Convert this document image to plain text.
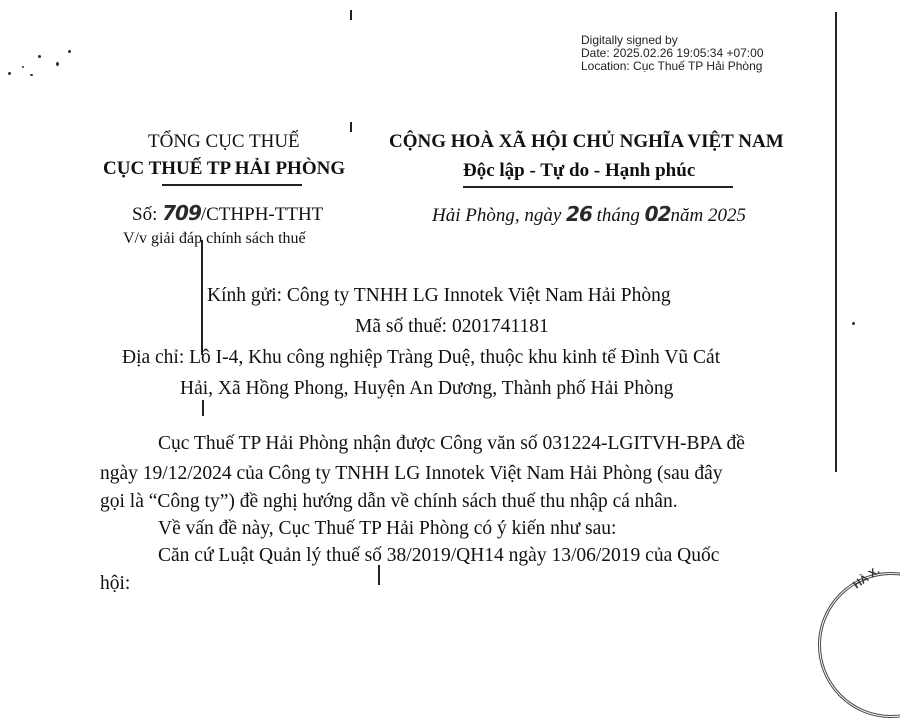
Digitally signed by
Date: 2025.02.26 19:05:34 +07:00
Location: Cục Thuế TP Hải Phòng
TỔNG CỤC THUẾ
CỤC THUẾ TP HẢI PHÒNG
Số: 709/CTHPH-TTHT
V/v giải đáp chính sách thuế
CỘNG HOÀ XÃ HỘI CHỦ NGHĨA VIỆT NAM
Độc lập - Tự do - Hạnh phúc
Hải Phòng, ngày 26 tháng 02năm 2025
Kính gửi: Công ty TNHH LG Innotek Việt Nam Hải Phòng
Mã số thuế: 0201741181
Địa chỉ: Lô I-4, Khu công nghiệp Tràng Duệ, thuộc khu kinh tế Đình Vũ Cát
Hải, Xã Hồng Phong, Huyện An Dương, Thành phố Hải Phòng
Cục Thuế TP Hải Phòng nhận được Công văn số 031224-LGITVH-BPA đề
ngày 19/12/2024 của Công ty TNHH LG Innotek Việt Nam Hải Phòng (sau đây
gọi là “Công ty”) đề nghị hướng dẫn về chính sách thuế thu nhập cá nhân.
Về vấn đề này, Cục Thuế TP Hải Phòng có ý kiến như sau:
Căn cứ Luật Quản lý thuế số 38/2019/QH14 ngày 13/06/2019 của Quốc
hội:	HÀ X.
